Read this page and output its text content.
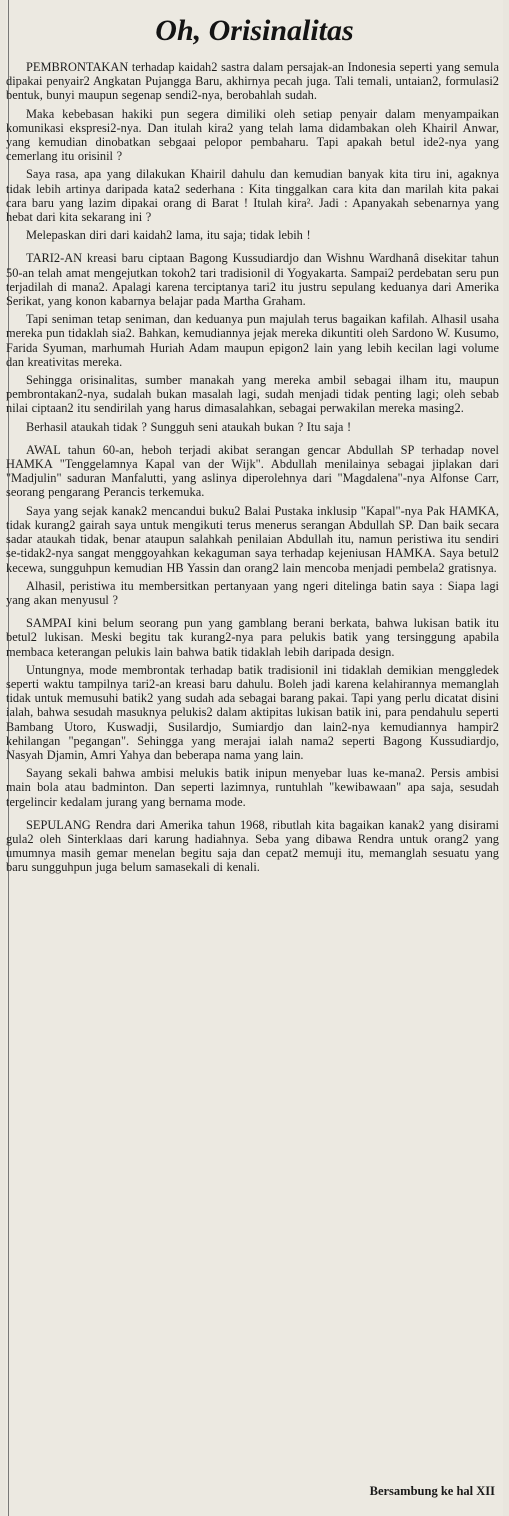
Oh, Orisinalitas

PEMBRONTAKAN terhadap kaidah2 sastra dalam persajak-an Indonesia seperti yang semula dipakai penyair2 Angkatan Pujangga Baru, akhirnya pecah juga. Tali temali, untaian2, formulasi2 bentuk, bunyi maupun segenap sendi2-nya, berobahlah sudah.

Maka kebebasan hakiki pun segera dimiliki oleh setiap penyair dalam menyampaikan komunikasi ekspresi2-nya. Dan itulah kira2 yang telah lama didambakan oleh Khairil Anwar, yang kemudian dinobatkan sebgaai pelopor pembaharu. Tapi apakah betul ide2-nya yang cemerlang itu orisinil ?

Saya rasa, apa yang dilakukan Khairil dahulu dan kemudian banyak kita tiru ini, agaknya tidak lebih artinya daripada kata2 sederhana : Kita tinggalkan cara kita dan marilah kita pakai cara baru yang lazim dipakai orang di Barat ! Itulah kira². Jadi : Apanyakah sebenarnya yang hebat dari kita sekarang ini ?

Melepaskan diri dari kaidah2 lama, itu saja; tidak lebih !

TARI2-AN kreasi baru ciptaan Bagong Kussudiardjo dan Wishnu Wardhanâ disekitar tahun 50-an telah amat mengejutkan tokoh2 tari tradisionil di Yogyakarta. Sampai2 perdebatan seru pun terjadilah di mana2. Apalagi karena terciptanya tari2 itu justru sepulang keduanya dari Amerika Serikat, yang konon kabarnya belajar pada Martha Graham.

Tapi seniman tetap seniman, dan keduanya pun majulah terus bagaikan kafilah. Alhasil usaha mereka pun tidaklah sia2. Bahkan, kemudiannya jejak mereka dikuntiti oleh Sardono W. Kusumo, Farida Syuman, marhumah Huriah Adam maupun epigon2 lain yang lebih kecilan lagi volume dan kreativitas mereka.

Sehingga orisinalitas, sumber manakah yang mereka ambil sebagai ilham itu, maupun pembrontakan2-nya, sudalah bukan masalah lagi, sudah menjadi tidak penting lagi; oleh sebab nilai ciptaan2 itu sendirilah yang harus dimasalahkan, sebagai perwakilan mereka masing2.

Berhasil ataukah tidak ? Sungguh seni ataukah bukan ? Itu saja !

AWAL tahun 60-an, heboh terjadi akibat serangan gencar Abdullah SP terhadap novel HAMKA "Tenggelamnya Kapal van der Wijk". Abdullah menilainya sebagai jiplakan dari "Madjulin" saduran Manfalutti, yang aslinya diperolehnya dari "Magdalena"-nya Alfonse Carr, seorang pengarang Perancis terkemuka.

Saya yang sejak kanak2 mencandui buku2 Balai Pustaka inklusip "Kapal"-nya Pak HAMKA, tidak kurang2 gairah saya untuk mengikuti terus menerus serangan Abdullah SP. Dan baik secara sadar ataukah tidak, benar ataupun salahkah penilaian Abdullah itu, namun peristiwa itu sendiri se-tidak2-nya sangat menggoyahkan kekaguman saya terhadap kejeniusan HAMKA. Saya betul2 kecewa, sungguhpun kemudian HB Yassin dan orang2 lain mencoba menjadi pembela2 gratisnya.

Alhasil, peristiwa itu membersitkan pertanyaan yang ngeri ditelinga batin saya : Siapa lagi yang akan menyusul ?

SAMPAI kini belum seorang pun yang gamblang berani berkata, bahwa lukisan batik itu betul2 lukisan. Meski begitu tak kurang2-nya para pelukis batik yang tersinggung apabila membaca keterangan pelukis lain bahwa batik tidaklah lebih daripada design.

Untungnya, mode membrontak terhadap batik tradisionil ini tidaklah demikian menggledek seperti waktu tampilnya tari2-an kreasi baru dahulu. Boleh jadi karena kelahirannya memanglah tidak untuk memusuhi batik2 yang sudah ada sebagai barang pakai. Tapi yang perlu dicatat disini ialah, bahwa sesudah masuknya pelukis2 dalam aktipitas lukisan batik ini, para pendahulu seperti Bambang Utoro, Kuswadji, Susilardjo, Sumiardjo dan lain2-nya kemudiannya hampir2 kehilangan "pegangan". Sehingga yang merajai ialah nama2 seperti Bagong Kussudiardjo, Nasyah Djamin, Amri Yahya dan beberapa nama yang lain.

Sayang sekali bahwa ambisi melukis batik inipun menyebar luas ke-mana2. Persis ambisi main bola atau badminton. Dan seperti lazimnya, runtuhlah "kewibawaan" apa saja, sesudah tergelincir kedalam jurang yang bernama mode.

SEPULANG Rendra dari Amerika tahun 1968, ributlah kita bagaikan kanak2 yang disirami gula2 oleh Sinterklaas dari karung hadiahnya. Seba yang dibawa Rendra untuk orang2 yang umumnya masih gemar menelan begitu saja dan cepat2 memuji itu, memanglah sesuatu yang baru sungguhpun juga belum samasekali di kenali.

Bersambung ke hal XII
